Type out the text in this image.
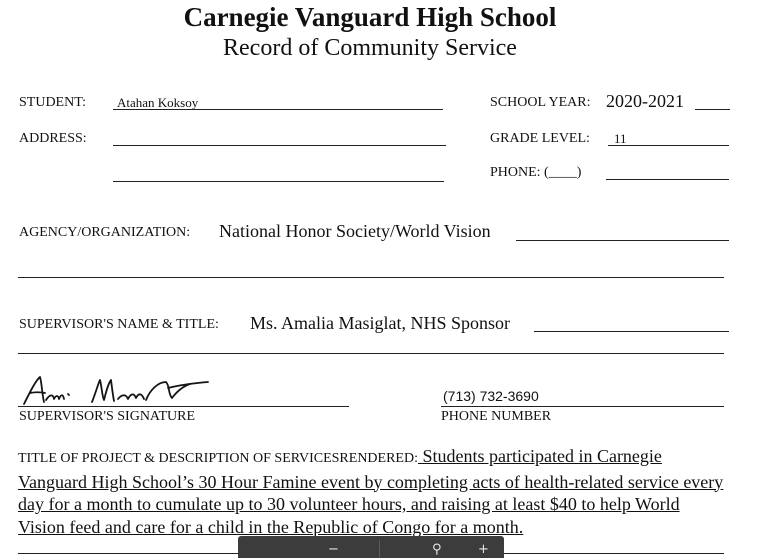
Carnegie Vanguard High School
Record of Community Service
STUDENT: Atahan Koksoy	SCHOOL YEAR: 2020-2021
ADDRESS:	GRADE LEVEL: 11
PHONE: (____)
AGENCY/ORGANIZATION: National Honor Society/World Vision
SUPERVISOR'S NAME & TITLE: Ms. Amalia Masiglat, NHS Sponsor
SUPERVISOR'S SIGNATURE
(713) 732-3690
PHONE NUMBER
TITLE OF PROJECT & DESCRIPTION OF SERVICESRENDERED: Students participated in Carnegie Vanguard High School’s 30 Hour Famine event by completing acts of health-related service every day for a month to cumulate up to 30 volunteer hours, and raising at least $40 to help World Vision feed and care for a child in the Republic of Congo for a month.
−	⚲	+
